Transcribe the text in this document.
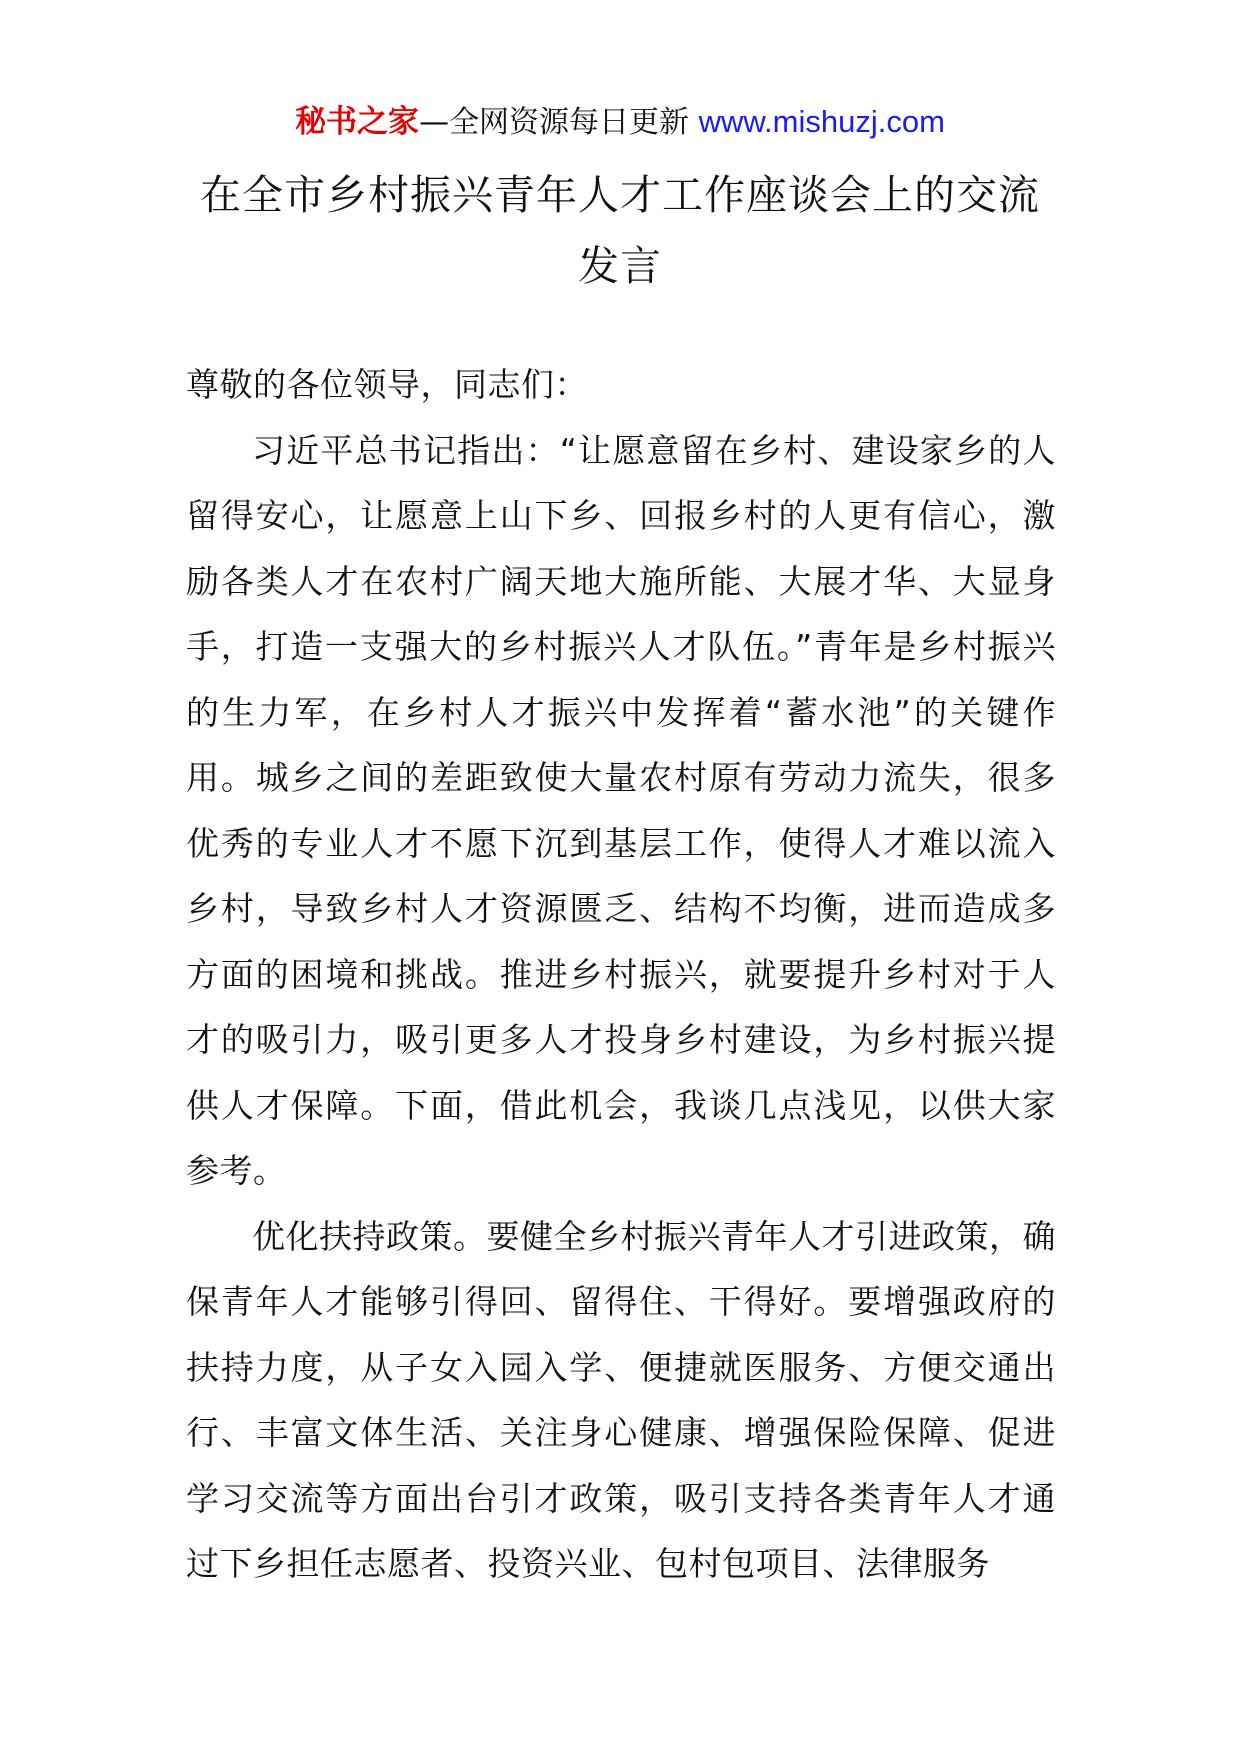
秘书之家—全网资源每日更新 www.mishuzj.com
在全市乡村振兴青年人才工作座谈会上的交流发言

尊敬的各位领导，同志们：

习近平总书记指出：“让愿意留在乡村、建设家乡的人留得安心，让愿意上山下乡、回报乡村的人更有信心，激励各类人才在农村广阔天地大施所能、大展才华、大显身手，打造一支强大的乡村振兴人才队伍。”青年是乡村振兴的生力军，在乡村人才振兴中发挥着“蓄水池”的关键作用。城乡之间的差距致使大量农村原有劳动力流失，很多优秀的专业人才不愿下沉到基层工作，使得人才难以流入乡村，导致乡村人才资源匮乏、结构不均衡，进而造成多方面的困境和挑战。推进乡村振兴，就要提升乡村对于人才的吸引力，吸引更多人才投身乡村建设，为乡村振兴提供人才保障。下面，借此机会，我谈几点浅见，以供大家参考。

优化扶持政策。要健全乡村振兴青年人才引进政策，确保青年人才能够引得回、留得住、干得好。要增强政府的扶持力度，从子女入园入学、便捷就医服务、方便交通出行、丰富文体生活、关注身心健康、增强保险保障、促进学习交流等方面出台引才政策，吸引支持各类青年人才通过下乡担任志愿者、投资兴业、包村包项目、法律服务
